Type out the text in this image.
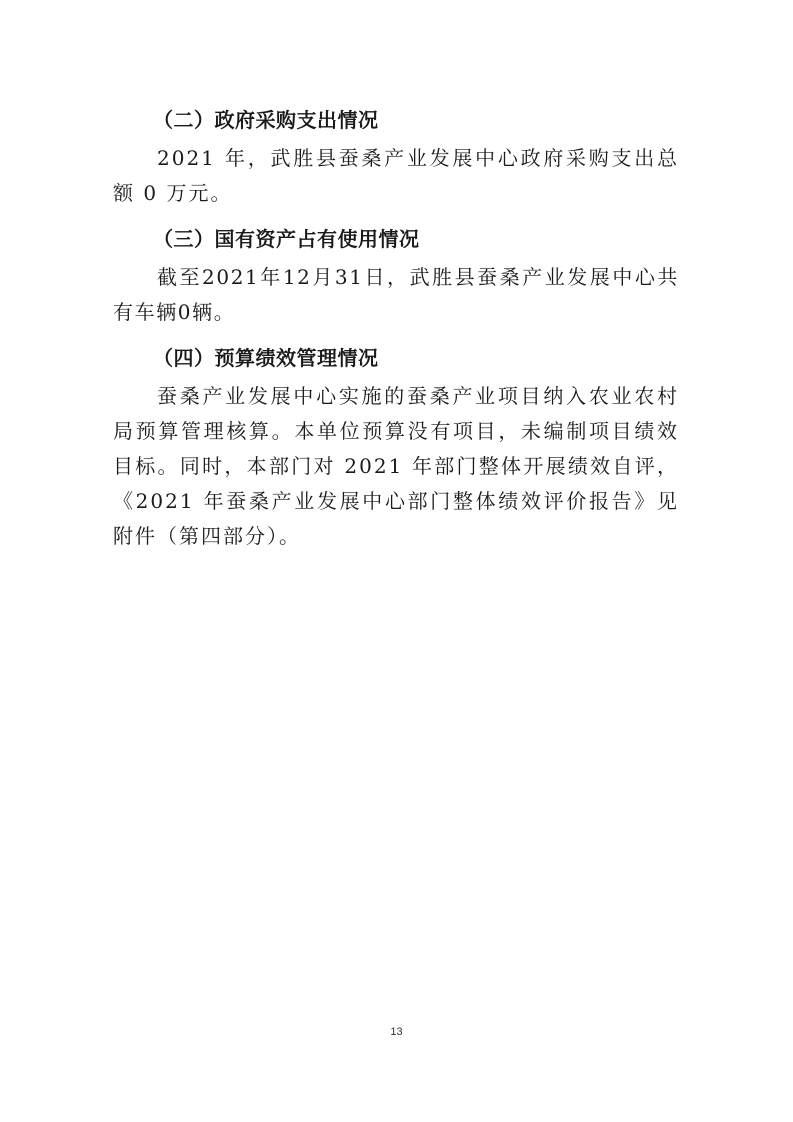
（二）政府采购支出情况

2021 年，武胜县蚕桑产业发展中心政府采购支出总额 0 万元。

（三）国有资产占有使用情况

截至2021年12月31日，武胜县蚕桑产业发展中心共有车辆0辆。

（四）预算绩效管理情况

蚕桑产业发展中心实施的蚕桑产业项目纳入农业农村局预算管理核算。本单位预算没有项目，未编制项目绩效目标。同时，本部门对 2021 年部门整体开展绩效自评，《2021 年蚕桑产业发展中心部门整体绩效评价报告》见附件（第四部分）。

13
